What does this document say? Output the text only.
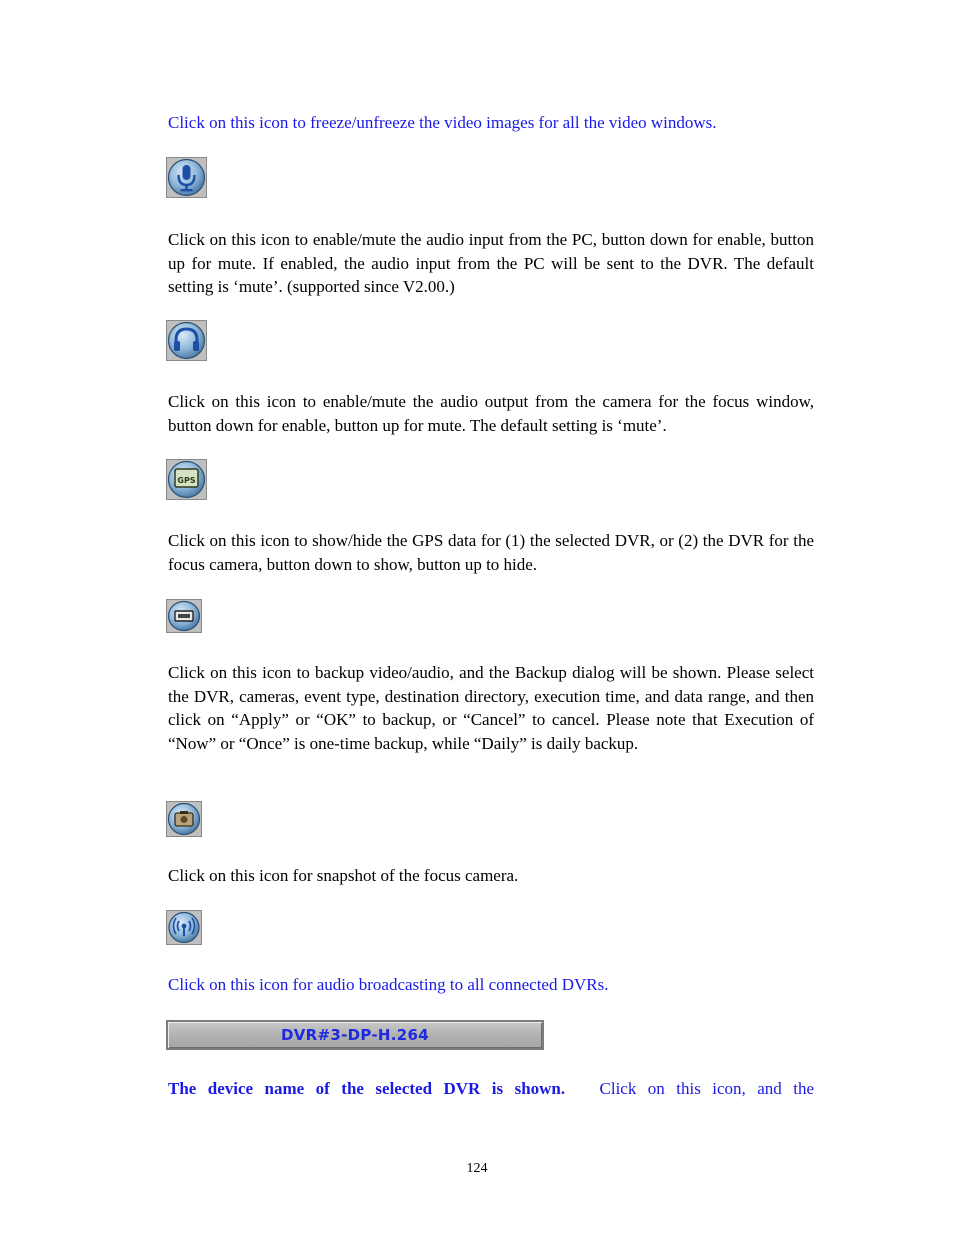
Click on this icon to freeze/unfreeze the video images for all the video windows.

Click on this icon to enable/mute the audio input from the PC, button down for enable, button up for mute. If enabled, the audio input from the PC will be sent to the DVR. The default setting is ‘mute’. (supported since V2.00.)

Click on this icon to enable/mute the audio output from the camera for the focus window, button down for enable, button up for mute. The default setting is ‘mute’.

GPS

Click on this icon to show/hide the GPS data for (1) the selected DVR, or (2) the DVR for the focus camera, button down to show, button up to hide.

Click on this icon to backup video/audio, and the Backup dialog will be shown. Please select the DVR, cameras, event type, destination directory, execution time, and data range, and then click on “Apply” or “OK” to backup, or “Cancel” to cancel. Please note that Execution of “Now” or “Once” is one-time backup, while “Daily” is daily backup.

Click on this icon for snapshot of the focus camera.

Click on this icon for audio broadcasting to all connected DVRs.

DVR#3-DP-H.264

The device name of the selected DVR is shown. Click on this icon, and the

124
